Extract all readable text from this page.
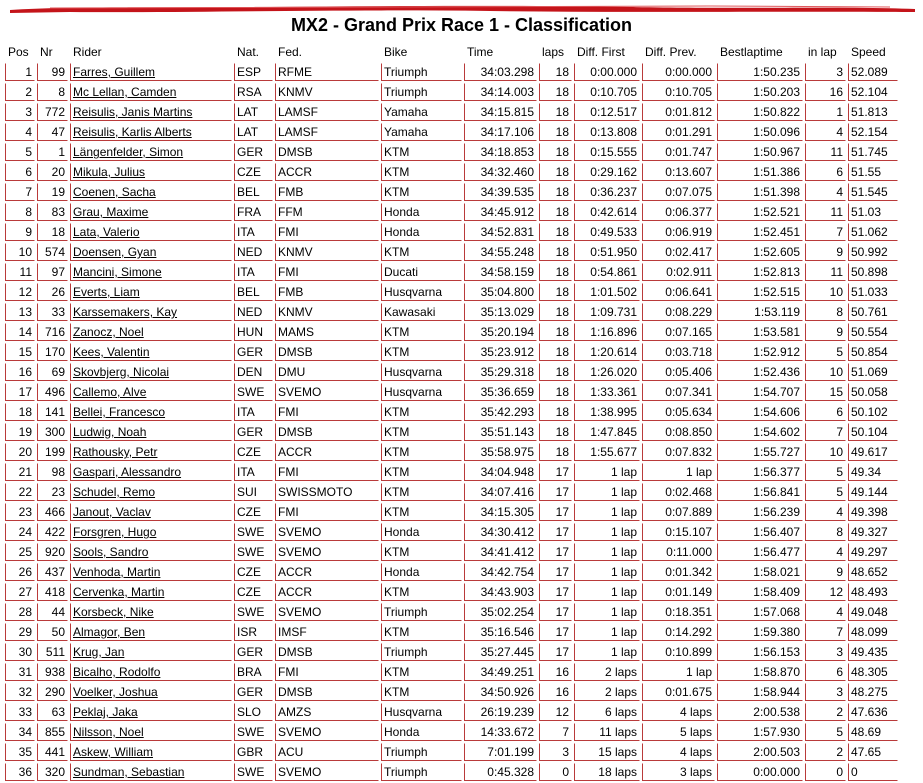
MX2 - Grand Prix Race 1 - Classification
Pos	Nr	Rider	Nat.	Fed.	Bike	Time	laps	Diff. First	Diff. Prev.	Bestlaptime	in lap	Speed
1	99	Farres, Guillem	ESP	RFME	Triumph	34:03.298	18	0:00.000	0:00.000	1:50.235	3	52.089
2	8	Mc Lellan, Camden	RSA	KNMV	Triumph	34:14.003	18	0:10.705	0:10.705	1:50.203	16	52.104
3	772	Reisulis, Janis Martins	LAT	LAMSF	Yamaha	34:15.815	18	0:12.517	0:01.812	1:50.822	1	51.813
4	47	Reisulis, Karlis Alberts	LAT	LAMSF	Yamaha	34:17.106	18	0:13.808	0:01.291	1:50.096	4	52.154
5	1	Längenfelder, Simon	GER	DMSB	KTM	34:18.853	18	0:15.555	0:01.747	1:50.967	11	51.745
6	20	Mikula, Julius	CZE	ACCR	KTM	34:32.460	18	0:29.162	0:13.607	1:51.386	6	51.55
7	19	Coenen, Sacha	BEL	FMB	KTM	34:39.535	18	0:36.237	0:07.075	1:51.398	4	51.545
8	83	Grau, Maxime	FRA	FFM	Honda	34:45.912	18	0:42.614	0:06.377	1:52.521	11	51.03
9	18	Lata, Valerio	ITA	FMI	Honda	34:52.831	18	0:49.533	0:06.919	1:52.451	7	51.062
10	574	Doensen, Gyan	NED	KNMV	KTM	34:55.248	18	0:51.950	0:02.417	1:52.605	9	50.992
11	97	Mancini, Simone	ITA	FMI	Ducati	34:58.159	18	0:54.861	0:02.911	1:52.813	11	50.898
12	26	Everts, Liam	BEL	FMB	Husqvarna	35:04.800	18	1:01.502	0:06.641	1:52.515	10	51.033
13	33	Karssemakers, Kay	NED	KNMV	Kawasaki	35:13.029	18	1:09.731	0:08.229	1:53.119	8	50.761
14	716	Zanocz, Noel	HUN	MAMS	KTM	35:20.194	18	1:16.896	0:07.165	1:53.581	9	50.554
15	170	Kees, Valentin	GER	DMSB	KTM	35:23.912	18	1:20.614	0:03.718	1:52.912	5	50.854
16	69	Skovbjerg, Nicolai	DEN	DMU	Husqvarna	35:29.318	18	1:26.020	0:05.406	1:52.436	10	51.069
17	496	Callemo, Alve	SWE	SVEMO	Husqvarna	35:36.659	18	1:33.361	0:07.341	1:54.707	15	50.058
18	141	Bellei, Francesco	ITA	FMI	KTM	35:42.293	18	1:38.995	0:05.634	1:54.606	6	50.102
19	300	Ludwig, Noah	GER	DMSB	KTM	35:51.143	18	1:47.845	0:08.850	1:54.602	7	50.104
20	199	Rathousky, Petr	CZE	ACCR	KTM	35:58.975	18	1:55.677	0:07.832	1:55.727	10	49.617
21	98	Gaspari, Alessandro	ITA	FMI	KTM	34:04.948	17	1 lap	1 lap	1:56.377	5	49.34
22	23	Schudel, Remo	SUI	SWISSMOTO	KTM	34:07.416	17	1 lap	0:02.468	1:56.841	5	49.144
23	466	Janout, Vaclav	CZE	FMI	KTM	34:15.305	17	1 lap	0:07.889	1:56.239	4	49.398
24	422	Forsgren, Hugo	SWE	SVEMO	Honda	34:30.412	17	1 lap	0:15.107	1:56.407	8	49.327
25	920	Sools, Sandro	SWE	SVEMO	KTM	34:41.412	17	1 lap	0:11.000	1:56.477	4	49.297
26	437	Venhoda, Martin	CZE	ACCR	Honda	34:42.754	17	1 lap	0:01.342	1:58.021	9	48.652
27	418	Cervenka, Martin	CZE	ACCR	KTM	34:43.903	17	1 lap	0:01.149	1:58.409	12	48.493
28	44	Korsbeck, Nike	SWE	SVEMO	Triumph	35:02.254	17	1 lap	0:18.351	1:57.068	4	49.048
29	50	Almagor, Ben	ISR	IMSF	KTM	35:16.546	17	1 lap	0:14.292	1:59.380	7	48.099
30	511	Krug, Jan	GER	DMSB	Triumph	35:27.445	17	1 lap	0:10.899	1:56.153	3	49.435
31	938	Bicalho, Rodolfo	BRA	FMI	KTM	34:49.251	16	2 laps	1 lap	1:58.870	6	48.305
32	290	Voelker, Joshua	GER	DMSB	KTM	34:50.926	16	2 laps	0:01.675	1:58.944	3	48.275
33	63	Peklaj, Jaka	SLO	AMZS	Husqvarna	26:19.239	12	6 laps	4 laps	2:00.538	2	47.636
34	855	Nilsson, Noel	SWE	SVEMO	Honda	14:33.672	7	11 laps	5 laps	1:57.930	5	48.69
35	441	Askew, William	GBR	ACU	Triumph	7:01.199	3	15 laps	4 laps	2:00.503	2	47.65
36	320	Sundman, Sebastian	SWE	SVEMO	Triumph	0:45.328	0	18 laps	3 laps	0:00.000	0	0
